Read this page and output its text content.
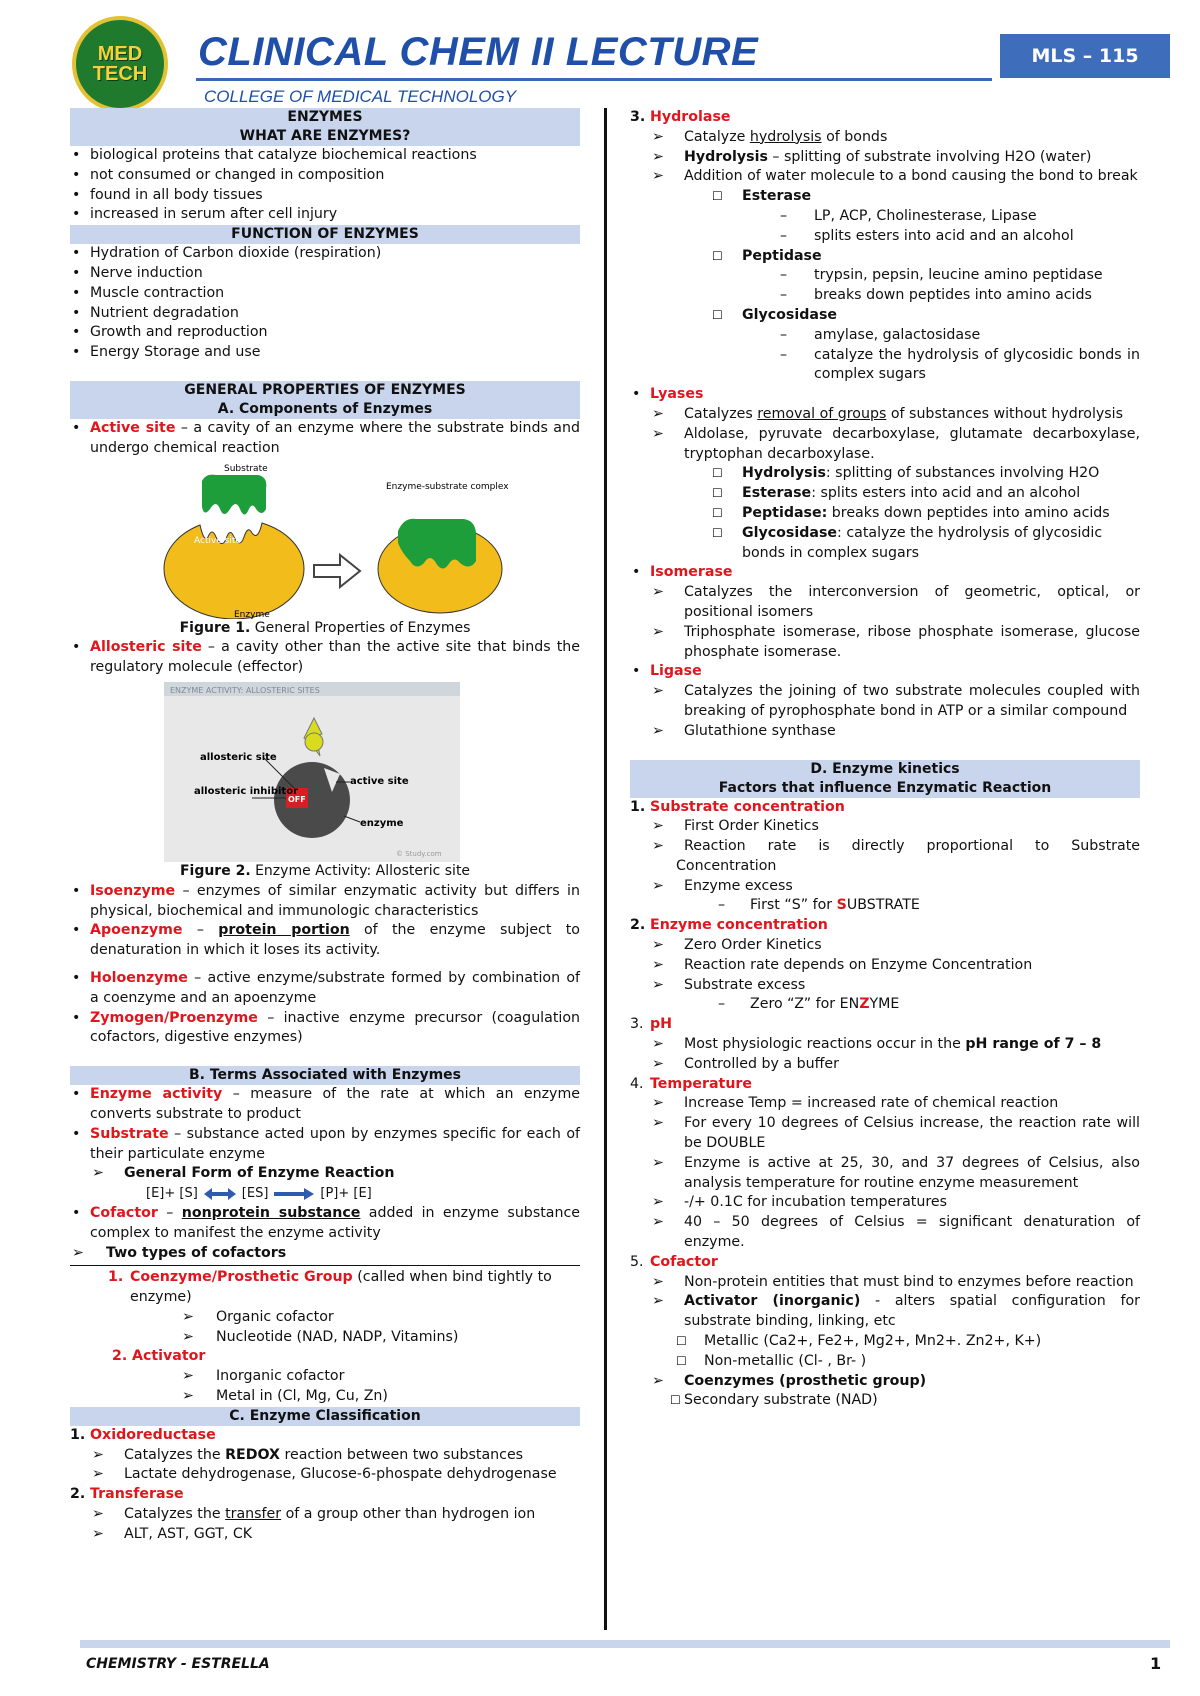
MED
TECH CLINICAL CHEM II LECTURE
COLLEGE OF MEDICAL TECHNOLOGY
MLS – 115
ENZYMES
WHAT ARE ENZYMES?
• biological proteins that catalyze biochemical reactions
• not consumed or changed in composition
• found in all body tissues
• increased in serum after cell injury
FUNCTION OF ENZYMES
• Hydration of Carbon dioxide (respiration)
• Nerve induction
• Muscle contraction
• Nutrient degradation
• Growth and reproduction
• Energy Storage and use
GENERAL PROPERTIES OF ENZYMES
A. Components of Enzymes
• Active site – a cavity of an enzyme where the substrate binds and undergo chemical reaction
Substrate
Active site
Enzyme
Enzyme-substrate complex
Figure 1. General Properties of Enzymes
• Allosteric site – a cavity other than the active site that binds the regulatory molecule (effector)
ENZYME ACTIVITY: ALLOSTERIC SITES
OFF
allosteric site
active site
allosteric inhibitor
enzyme
© Study.com
Figure 2. Enzyme Activity: Allosteric site
• Isoenzyme – enzymes of similar enzymatic activity but differs in physical, biochemical and immunologic characteristics
• Apoenzyme – protein portion of the enzyme subject to denaturation in which it loses its activity.
• Holoenzyme – active enzyme/substrate formed by combination of a coenzyme and an apoenzyme
• Zymogen/Proenzyme – inactive enzyme precursor (coagulation cofactors, digestive enzymes)
B. Terms Associated with Enzymes
• Enzyme activity – measure of the rate at which an enzyme converts substrate to product
• Substrate – substance acted upon by enzymes specific for each of their particulate enzyme
➢ General Form of Enzyme Reaction
[E]+ [S]	[ES]	[P]+ [E]
• Cofactor – nonprotein substance added in enzyme substance complex to manifest the enzyme activity
➢ Two types of cofactors
1. Coenzyme/Prosthetic Group (called when bind tightly to enzyme)
➢ Organic cofactor
➢ Nucleotide (NAD, NADP, Vitamins)
2. Activator
➢ Inorganic cofactor
➢ Metal in (Cl, Mg, Cu, Zn)
C. Enzyme Classification
1. Oxidoreductase
➢ Catalyzes the REDOX reaction between two substances
➢ Lactate dehydrogenase, Glucose-6-phospate dehydrogenase
2. Transferase
➢ Catalyzes the transfer of a group other than hydrogen ion
➢ ALT, AST, GGT, CK
3. Hydrolase
➢ Catalyze hydrolysis of bonds
➢ Hydrolysis – splitting of substrate involving H2O (water)
➢ Addition of water molecule to a bond causing the bond to break
☐ Esterase
– LP, ACP, Cholinesterase, Lipase
– splits esters into acid and an alcohol
☐ Peptidase
– trypsin, pepsin, leucine amino peptidase
– breaks down peptides into amino acids
☐ Glycosidase
– amylase, galactosidase
– catalyze the hydrolysis of glycosidic bonds in complex sugars
• Lyases
➢ Catalyzes removal of groups of substances without hydrolysis
➢ Aldolase, pyruvate decarboxylase, glutamate decarboxylase, tryptophan decarboxylase.
☐ Hydrolysis: splitting of substances involving H2O
☐ Esterase: splits esters into acid and an alcohol
☐ Peptidase: breaks down peptides into amino acids
☐ Glycosidase: catalyze the hydrolysis of glycosidic bonds in complex sugars
• Isomerase
➢ Catalyzes the interconversion of geometric, optical, or positional isomers
➢ Triphosphate isomerase, ribose phosphate isomerase, glucose phosphate isomerase.
• Ligase
➢ Catalyzes the joining of two substrate molecules coupled with breaking of pyrophosphate bond in ATP or a similar compound
➢ Glutathione synthase
D. Enzyme kinetics
Factors that influence Enzymatic Reaction
1. Substrate concentration
➢ First Order Kinetics
➢ Reaction rate is directly proportional to Substrate Concentration
➢ Enzyme excess
– First “S” for SUBSTRATE
2. Enzyme concentration
➢ Zero Order Kinetics
➢ Reaction rate depends on Enzyme Concentration
➢ Substrate excess
– Zero “Z” for ENZYME
3. pH
➢ Most physiologic reactions occur in the pH range of 7 – 8
➢ Controlled by a buffer
4. Temperature
➢ Increase Temp = increased rate of chemical reaction
➢ For every 10 degrees of Celsius increase, the reaction rate will be DOUBLE
➢ Enzyme is active at 25, 30, and 37 degrees of Celsius, also analysis temperature for routine enzyme measurement
➢ -/+ 0.1C for incubation temperatures
➢ 40 – 50 degrees of Celsius = significant denaturation of enzyme.
5. Cofactor
➢ Non-protein entities that must bind to enzymes before reaction
➢ Activator (inorganic) - alters spatial configuration for substrate binding, linking, etc
☐ Metallic (Ca2+, Fe2+, Mg2+, Mn2+. Zn2+, K+)
☐ Non-metallic (Cl- , Br- )
➢ Coenzymes (prosthetic group)
☐ Secondary substrate (NAD)
CHEMISTRY - ESTRELLA	1
